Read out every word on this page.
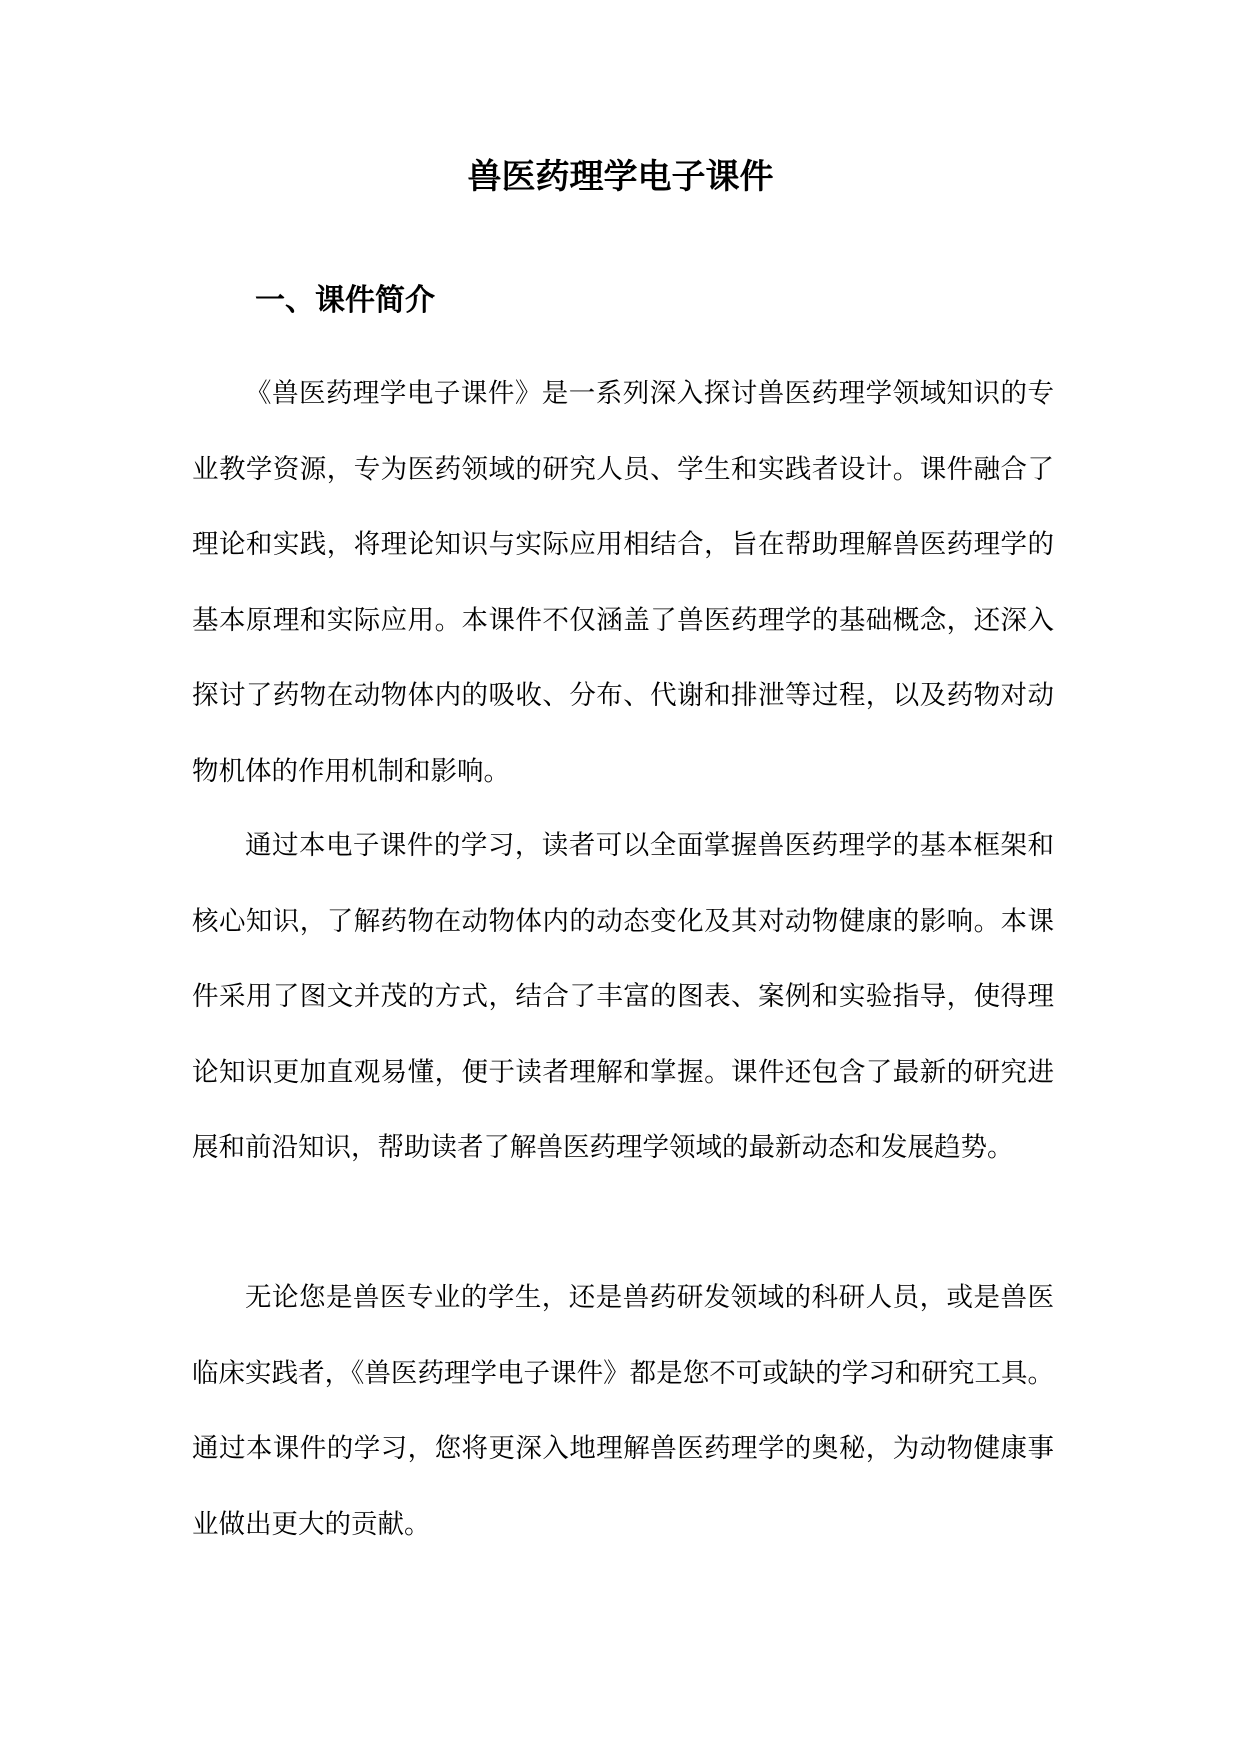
兽医药理学电子课件
一、课件简介

《兽医药理学电子课件》是一系列深入探讨兽医药理学领域知识的专业教学资源，专为医药领域的研究人员、学生和实践者设计。课件融合了理论和实践，将理论知识与实际应用相结合，旨在帮助理解兽医药理学的基本原理和实际应用。本课件不仅涵盖了兽医药理学的基础概念，还深入探讨了药物在动物体内的吸收、分布、代谢和排泄等过程，以及药物对动物机体的作用机制和影响。

通过本电子课件的学习，读者可以全面掌握兽医药理学的基本框架和核心知识，了解药物在动物体内的动态变化及其对动物健康的影响。本课件采用了图文并茂的方式，结合了丰富的图表、案例和实验指导，使得理论知识更加直观易懂，便于读者理解和掌握。课件还包含了最新的研究进展和前沿知识，帮助读者了解兽医药理学领域的最新动态和发展趋势。

无论您是兽医专业的学生，还是兽药研发领域的科研人员，或是兽医临床实践者，《兽医药理学电子课件》都是您不可或缺的学习和研究工具。通过本课件的学习，您将更深入地理解兽医药理学的奥秘，为动物健康事业做出更大的贡献。
